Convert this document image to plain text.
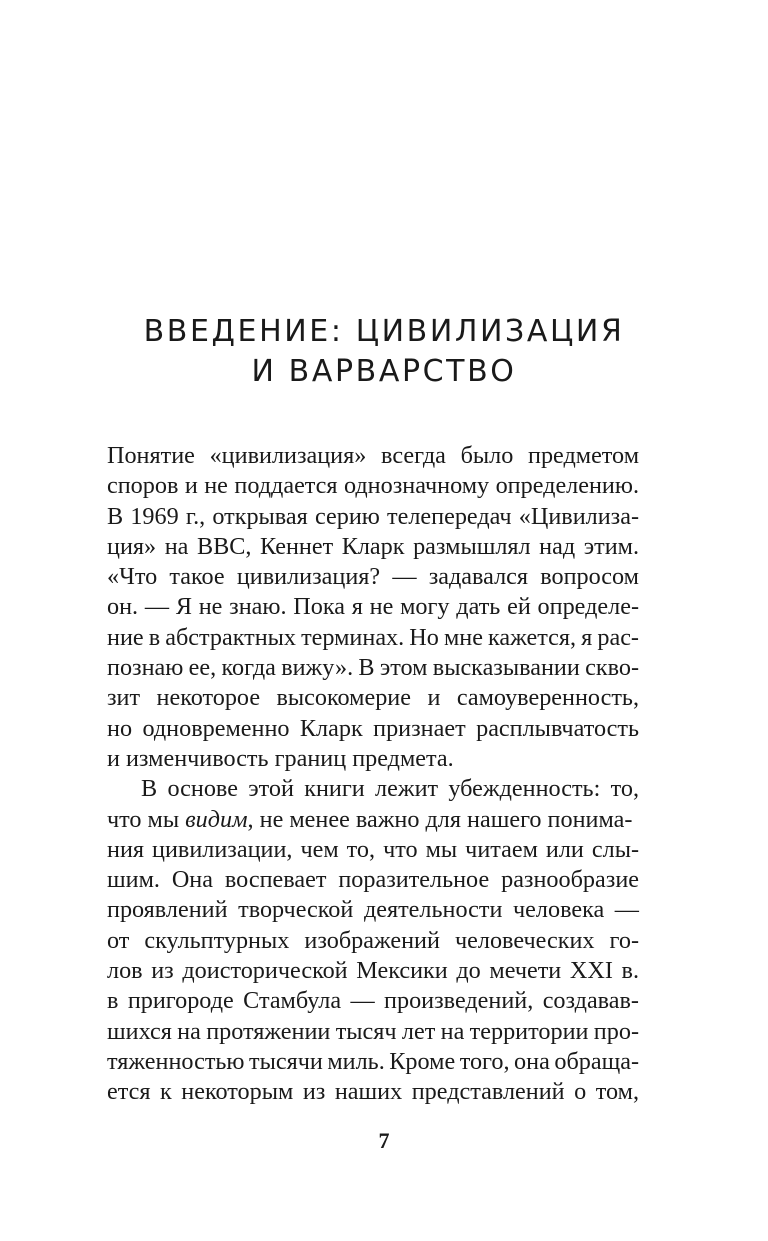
ВВЕДЕНИЕ: ЦИВИЛИЗАЦИЯ
И ВАРВАРСТВО
Понятие «цивилизация» всегда было предметом
споров и не поддается однозначному определению.
В 1969 г., открывая серию телепередач «Цивилиза-
ция» на BBC, Кеннет Кларк размышлял над этим.
«Что такое цивилизация? — задавался вопросом
он. — Я не знаю. Пока я не могу дать ей определе-
ние в абстрактных терминах. Но мне кажется, я рас-
познаю ее, когда вижу». В этом высказывании скво-
зит некоторое высокомерие и самоуверенность,
но одновременно Кларк признает расплывчатость
и изменчивость границ предмета.
В основе этой книги лежит убежденность: то,
что мы видим, не менее важно для нашего понима-
ния цивилизации, чем то, что мы читаем или слы-
шим. Она воспевает поразительное разнообразие
проявлений творческой деятельности человека —
от скульптурных изображений человеческих го-
лов из доисторической Мексики до мечети XXI в.
в пригороде Стамбула — произведений, создавав-
шихся на протяжении тысяч лет на территории про-
тяженностью тысячи миль. Кроме того, она обраща-
ется к некоторым из наших представлений о том,
7
